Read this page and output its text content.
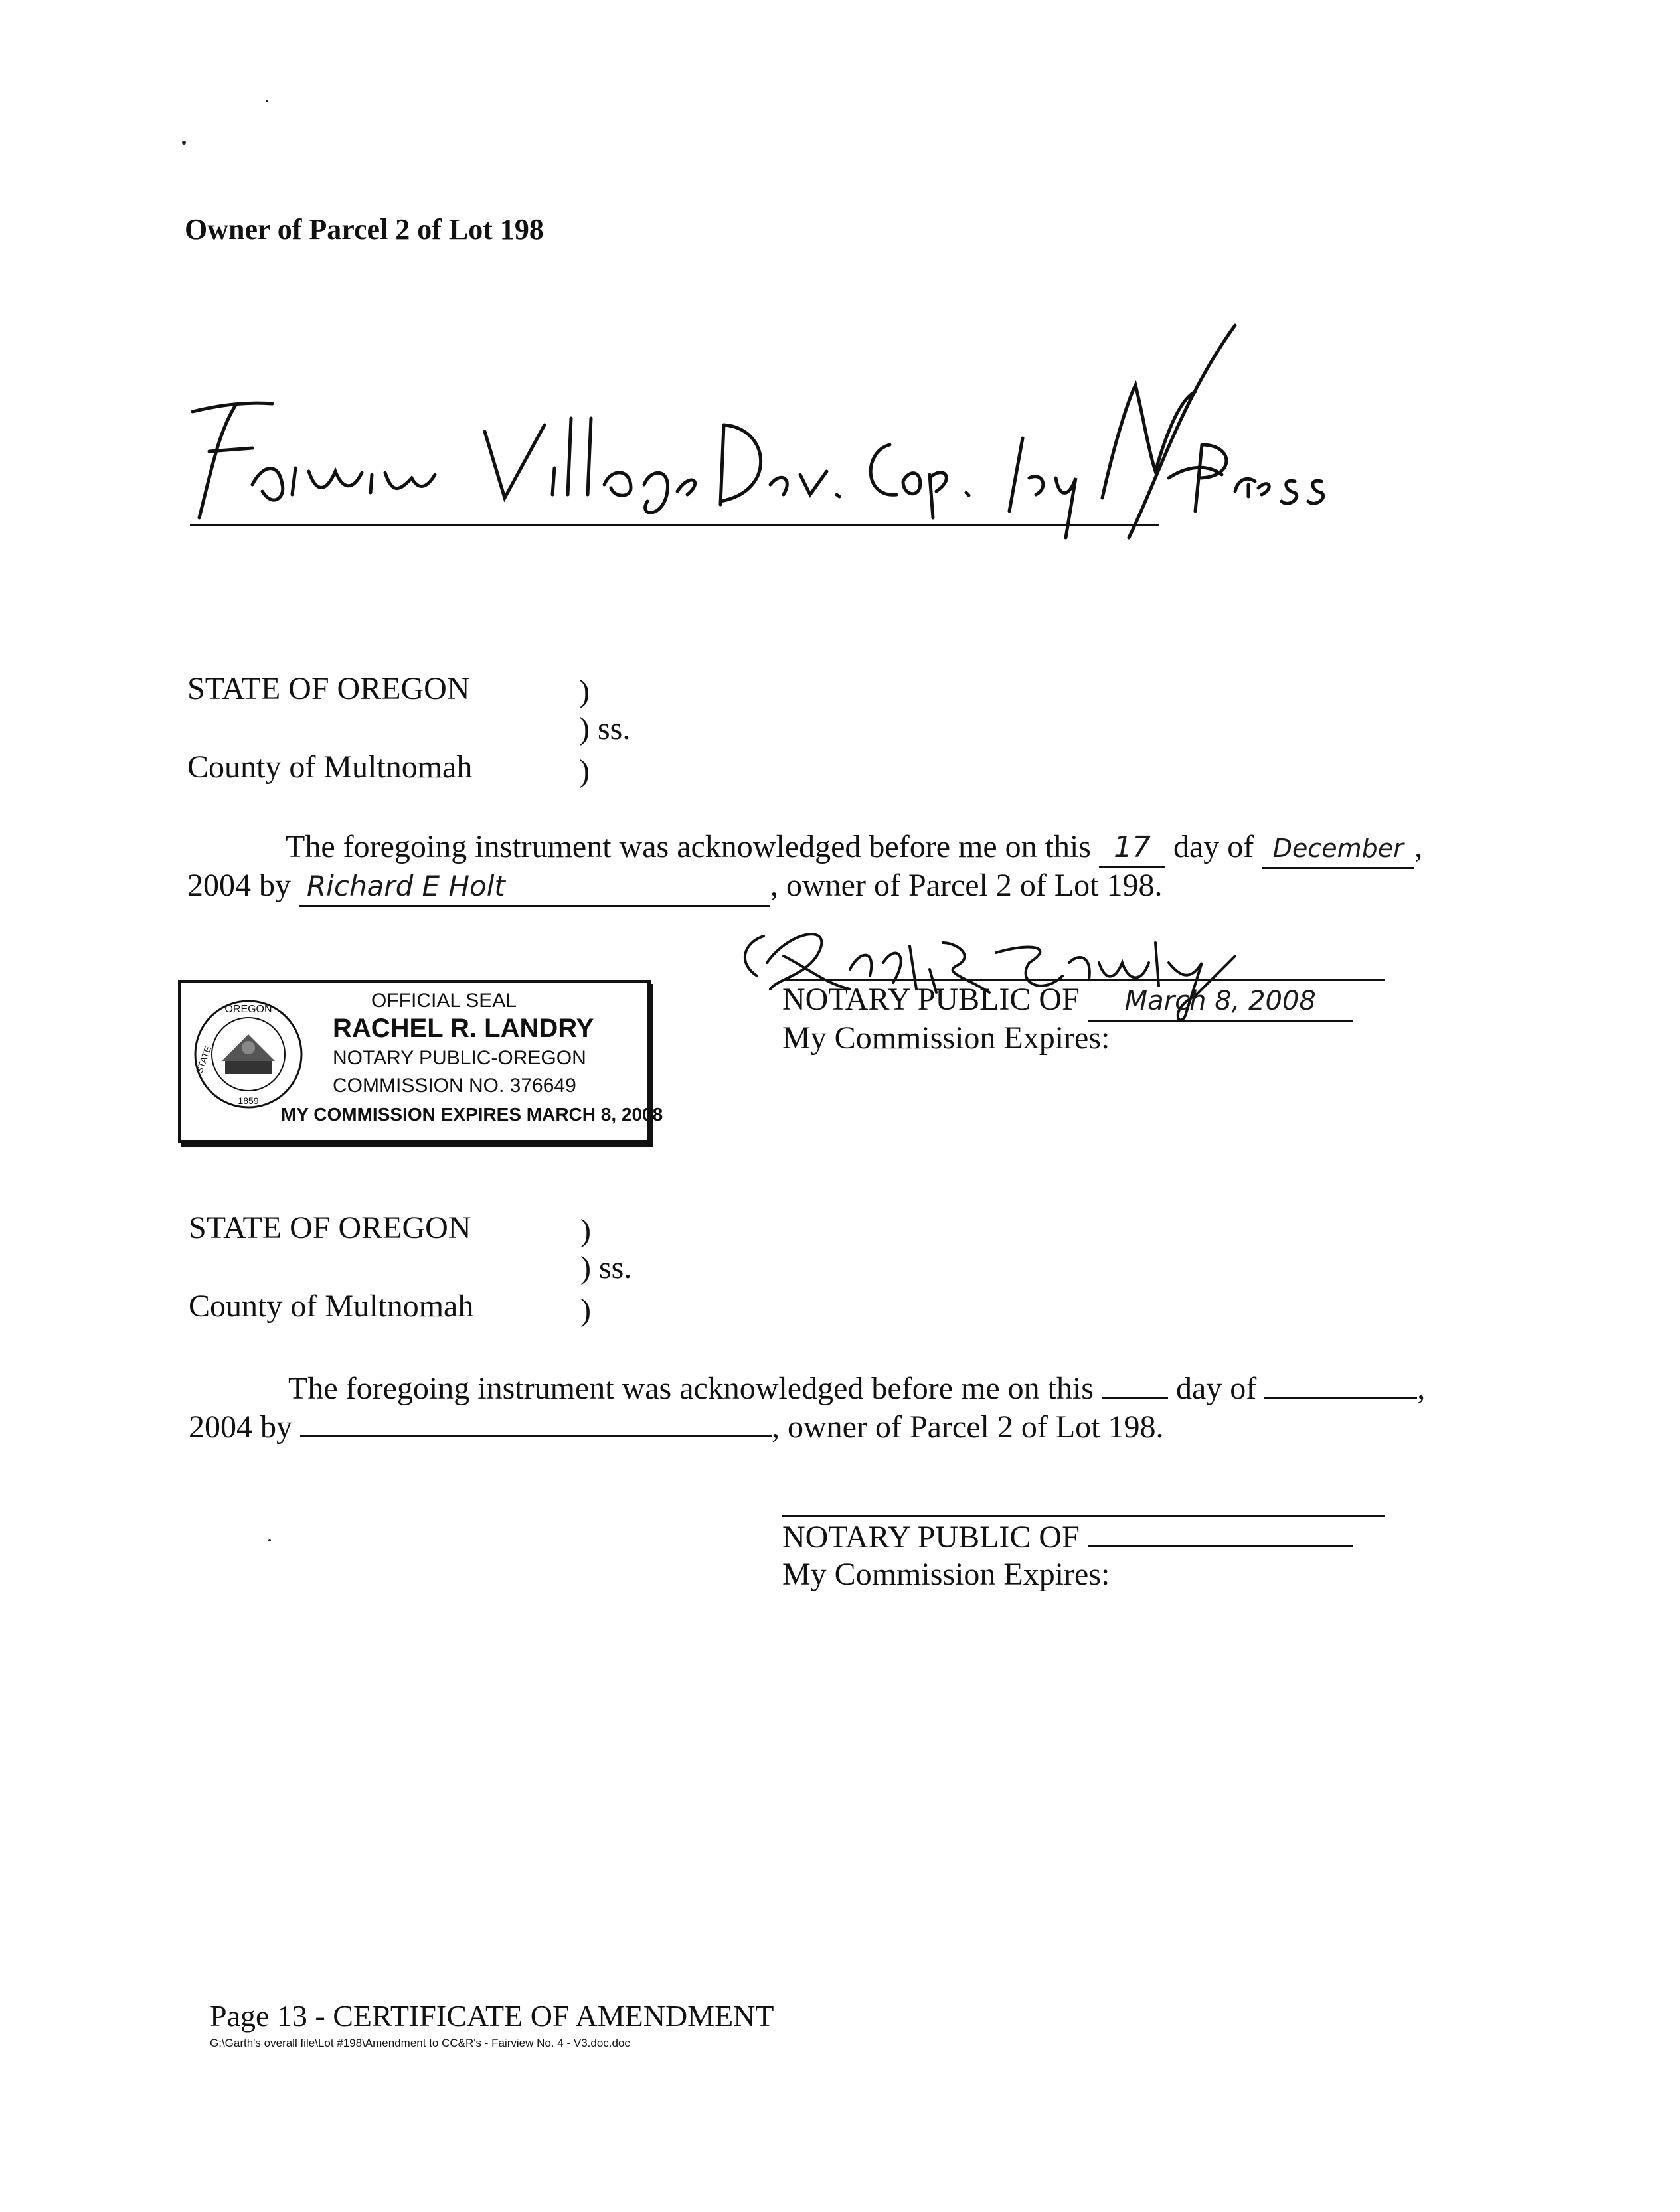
Owner of Parcel 2 of Lot 198
STATE OF OREGON	)
) ss.
County of Multnomah	)
The foregoing instrument was acknowledged before me on this 17 day of December ,
2004 by Richard E Holt	, owner of Parcel 2 of Lot 198.
NOTARY PUBLIC OF March 8, 2008
My Commission Expires:
OREGON
STATE
1859
OFFICIAL SEAL
RACHEL R. LANDRY
NOTARY PUBLIC-OREGON
COMMISSION NO. 376649
MY COMMISSION EXPIRES MARCH 8, 2008
STATE OF OREGON	)
) ss.
County of Multnomah	)
The foregoing instrument was acknowledged before me on this	day of	,
2004 by	, owner of Parcel 2 of Lot 198.
NOTARY PUBLIC OF
My Commission Expires:
Page 13 - CERTIFICATE OF AMENDMENT
G:\Garth's overall file\Lot #198\Amendment to CC&R's - Fairview No. 4 - V3.doc.doc
